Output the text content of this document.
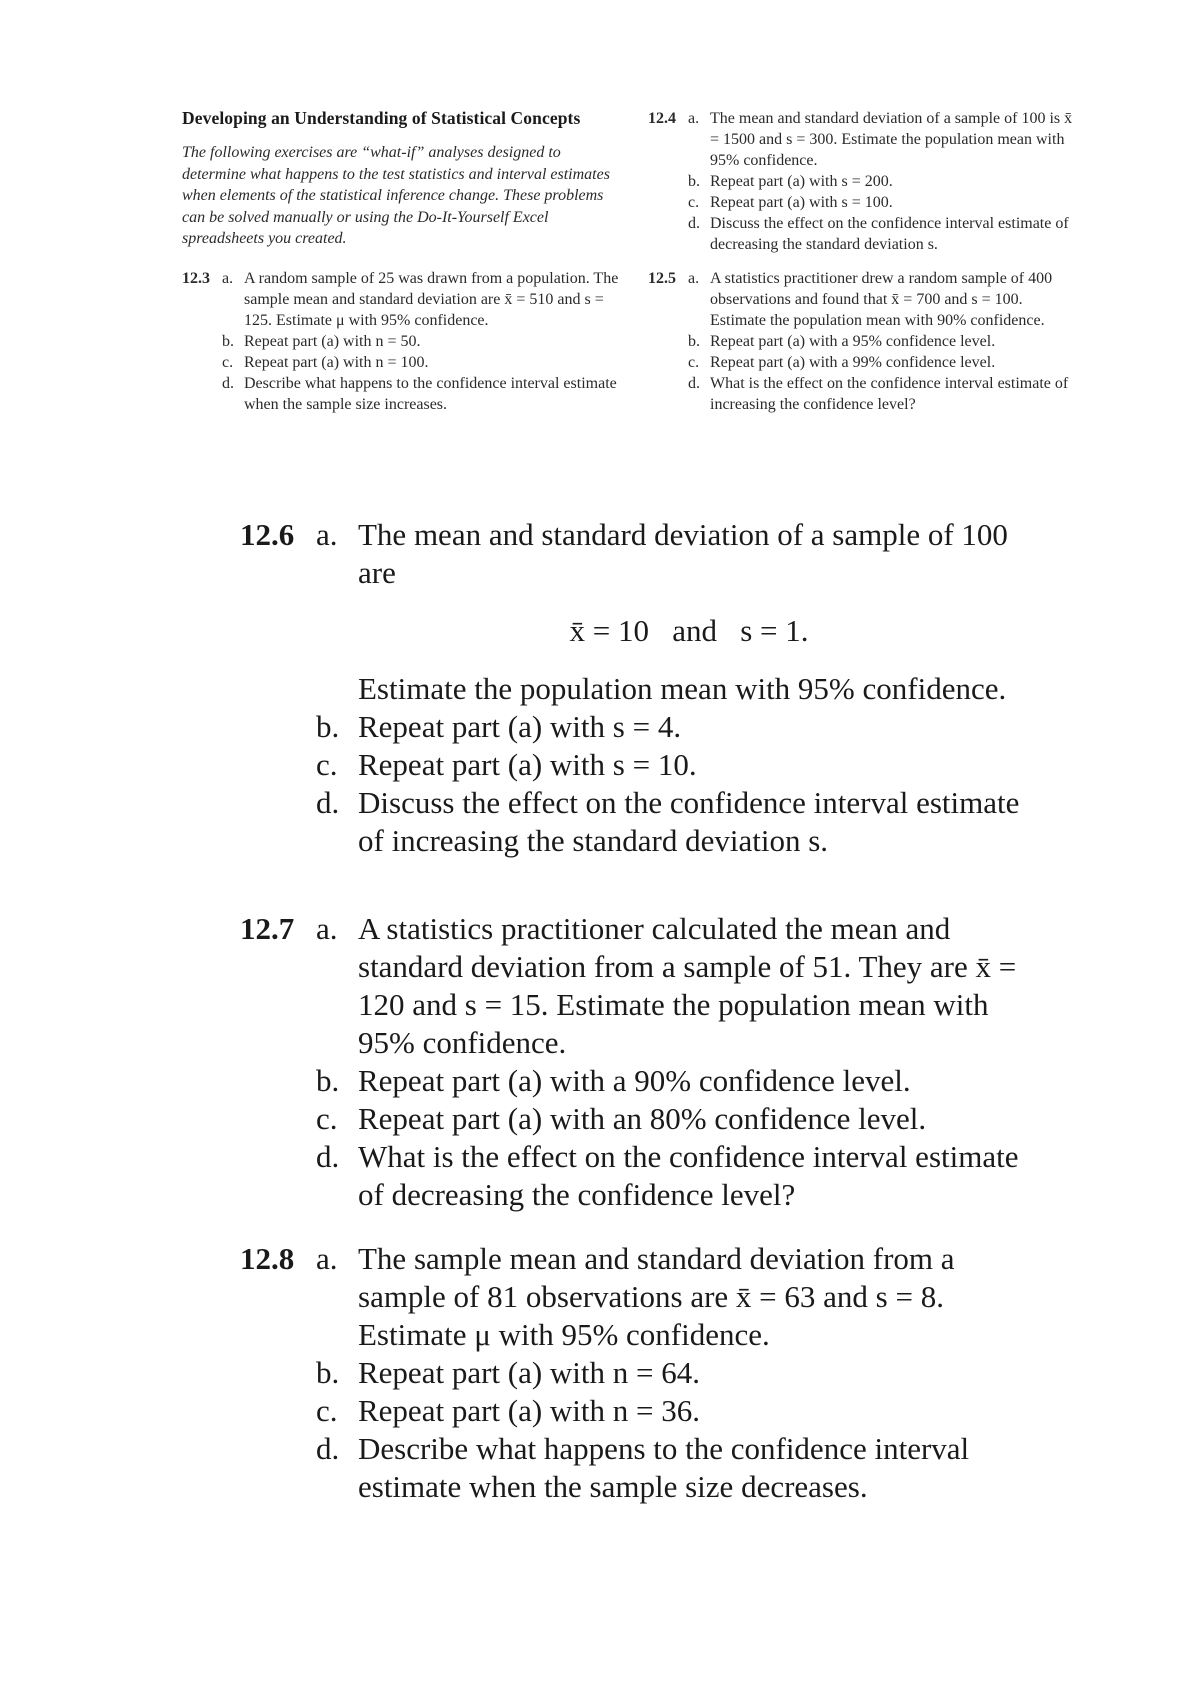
Developing an Understanding of Statistical Concepts
The following exercises are “what-if” analyses designed to determine what happens to the test statistics and interval estimates when elements of the statistical inference change. These problems can be solved manually or using the Do-It-Yourself Excel spreadsheets you created.
12.3 a. A random sample of 25 was drawn from a population. The sample mean and standard deviation are x̄ = 510 and s = 125. Estimate μ with 95% confidence.
b. Repeat part (a) with n = 50.
c. Repeat part (a) with n = 100.
d. Describe what happens to the confidence interval estimate when the sample size increases.
12.4 a. The mean and standard deviation of a sample of 100 is x̄ = 1500 and s = 300. Estimate the population mean with 95% confidence.
b. Repeat part (a) with s = 200.
c. Repeat part (a) with s = 100.
d. Discuss the effect on the confidence interval estimate of decreasing the standard deviation s.
12.5 a. A statistics practitioner drew a random sample of 400 observations and found that x̄ = 700 and s = 100. Estimate the population mean with 90% confidence.
b. Repeat part (a) with a 95% confidence level.
c. Repeat part (a) with a 99% confidence level.
d. What is the effect on the confidence interval estimate of increasing the confidence level?
12.6 a. The mean and standard deviation of a sample of 100 are
x̄ = 10   and   s = 1.
Estimate the population mean with 95% confidence.
b. Repeat part (a) with s = 4.
c. Repeat part (a) with s = 10.
d. Discuss the effect on the confidence interval estimate of increasing the standard deviation s.
12.7 a. A statistics practitioner calculated the mean and standard deviation from a sample of 51. They are x̄ = 120 and s = 15. Estimate the population mean with 95% confidence.
b. Repeat part (a) with a 90% confidence level.
c. Repeat part (a) with an 80% confidence level.
d. What is the effect on the confidence interval estimate of decreasing the confidence level?
12.8 a. The sample mean and standard deviation from a sample of 81 observations are x̄ = 63 and s = 8. Estimate μ with 95% confidence.
b. Repeat part (a) with n = 64.
c. Repeat part (a) with n = 36.
d. Describe what happens to the confidence interval estimate when the sample size decreases.
